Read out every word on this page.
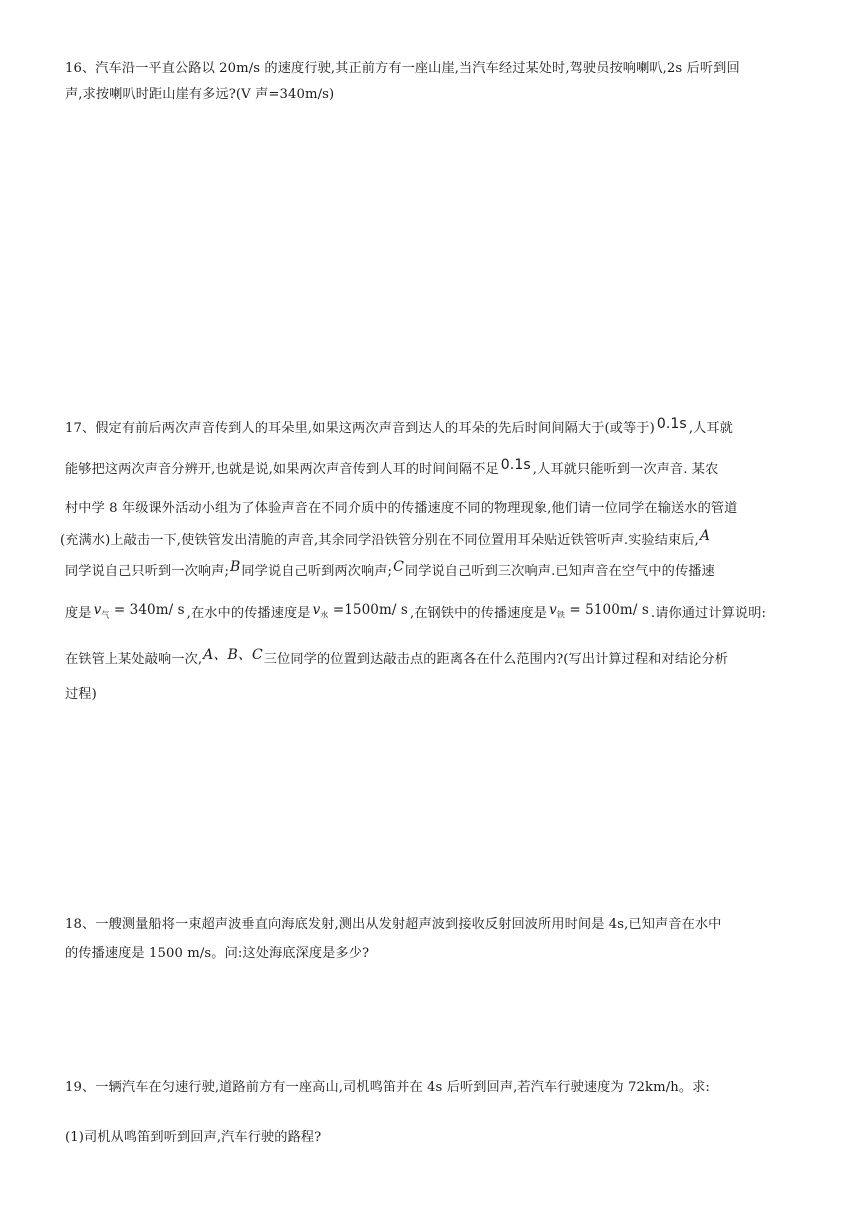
16、汽车沿一平直公路以 20m/s 的速度行驶,其正前方有一座山崖,当汽车经过某处时,驾驶员按响喇叭,2s 后听到回
声,求按喇叭时距山崖有多远?(V 声=340m/s)
17、假定有前后两次声音传到人的耳朵里,如果这两次声音到达人的耳朵的先后时间间隔大于(或等于) 0.1s ,人耳就
能够把这两次声音分辨开,也就是说,如果两次声音传到人耳的时间间隔不足 0.1s ,人耳就只能听到一次声音. 某农
村中学 8 年级课外活动小组为了体验声音在不同介质中的传播速度不同的物理现象,他们请一位同学在输送水的管道
(充满水)上敲击一下,使铁管发出清脆的声音,其余同学沿铁管分别在不同位置用耳朵贴近铁管听声.实验结束后,A
同学说自己只听到一次响声;B同学说自己听到两次响声;C同学说自己听到三次响声.已知声音在空气中的传播速
度是 $v_气 = 340m/$ s ,在水中的传播速度是 $v_水 =1500m/$ s ,在钢铁中的传播速度是 $v_铁 = 5100m/$ s .请你通过计算说明:
在铁管上某处敲响一次,A、B、C三位同学的位置到达敲击点的距离各在什么范围内?(写出计算过程和对结论分析
过程)
18、一艘测量船将一束超声波垂直向海底发射,测出从发射超声波到接收反射回波所用时间是 4s,已知声音在水中
的传播速度是 1500 m/s。问:这处海底深度是多少?
19、一辆汽车在匀速行驶,道路前方有一座高山,司机鸣笛并在 4s 后听到回声,若汽车行驶速度为 72km/h。求:
(1)司机从鸣笛到听到回声,汽车行驶的路程?
